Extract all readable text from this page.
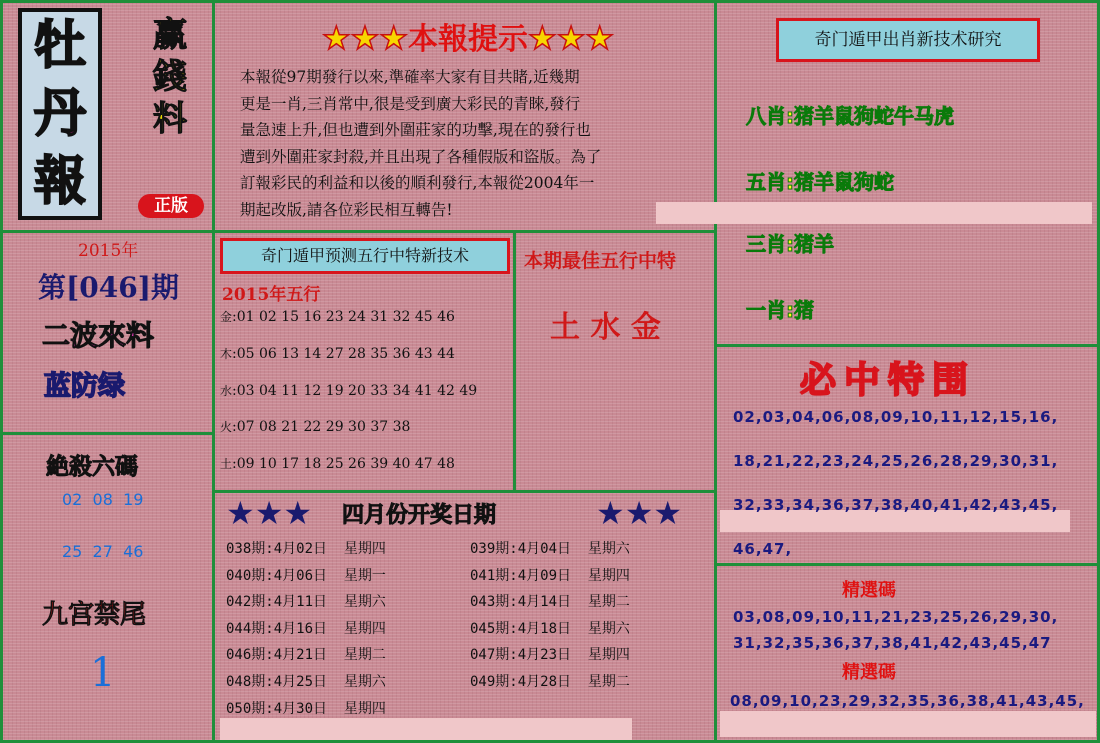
牡
丹
報
赢
錢
料
正版
2015年
第[046]期
二波來料
蓝防绿
絶殺六碼
02  08  19
25  27  46
九宫禁尾
1
★★★本報提示★★★
本報從97期發行以來,準確率大家有目共睹,近幾期
更是一肖,三肖常中,很是受到廣大彩民的青睞,發行
量急速上升,但也遭到外圍莊家的功擊,現在的發行也
遭到外圍莊家封殺,并且出現了各種假版和盜版。為了
訂報彩民的利益和以後的順利發行,本報從2004年一
期起改版,請各位彩民相互轉告!
奇门遁甲出肖新技术研究
八肖:猪羊鼠狗蛇牛马虎
五肖:猪羊鼠狗蛇
三肖:猪羊
一肖:猪
奇门遁甲预测五行中特新技术
2015年五行
金:01 02 15 16 23 24 31 32 45 46
木:05 06 13 14 27 28 35 36 43 44
水:03 04 11 12 19 20 33 34 41 42 49
火:07 08 21 22 29 30 37 38
土:09 10 17 18 25 26 39 40 47 48
本期最佳五行中特
土 水 金
★★★ 四月份开奖日期	★★★
038期:4月02日  星期四
040期:4月06日  星期一
042期:4月11日  星期六
044期:4月16日  星期四
046期:4月21日  星期二
048期:4月25日  星期六
050期:4月30日  星期四
039期:4月04日  星期六
041期:4月09日  星期四
043期:4月14日  星期二
045期:4月18日  星期六
047期:4月23日  星期四
049期:4月28日  星期二
必中特围
02,03,04,06,08,09,10,11,12,15,16,
18,21,22,23,24,25,26,28,29,30,31,
32,33,34,36,37,38,40,41,42,43,45,
46,47,
精選碼
03,08,09,10,11,21,23,25,26,29,30,
31,32,35,36,37,38,41,42,43,45,47
精選碼
08,09,10,23,29,32,35,36,38,41,43,45,
